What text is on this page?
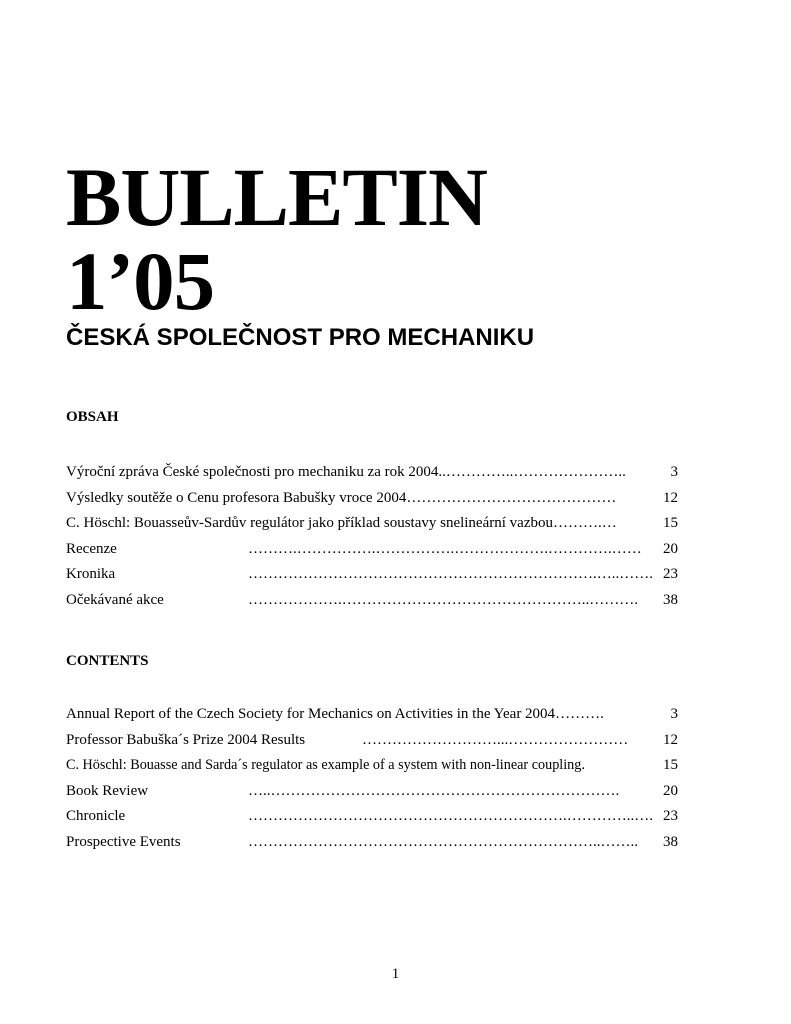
BULLETIN
1’05
ČESKÁ SPOLEČNOST PRO MECHANIKU
OBSAH
Výroční zpráva České společnosti pro mechaniku za rok 2004..…………..…………………..	3
Výsledky soutěže o Cenu profesora Babušky vroce 2004……………………………………	12
C. Höschl: Bouasseův-Sardův regulátor jako příklad soustavy snelineární vazbou……….…	15
Recenze	……….…………….…………….……………….………….…… 20
Kronika	…………………………………………………………….…..……. 23
Očekávané akce	……………….…………………………………………..………. 38
CONTENTS
Annual Report of the Czech Society for Mechanics on Activities in the Year 2004……….	3
Professor Babuška´s Prize 2004 Results	………………………...…………………… 12
C. Höschl: Bouasse and Sarda´s regulator as example of a system with non-linear coupling.	15
Book Review	…..…………………………………………………………….	20
Chronicle	……………………………………………………….…………..…. 23
Prospective Events	……………………………………………………………..…….. 38
1
